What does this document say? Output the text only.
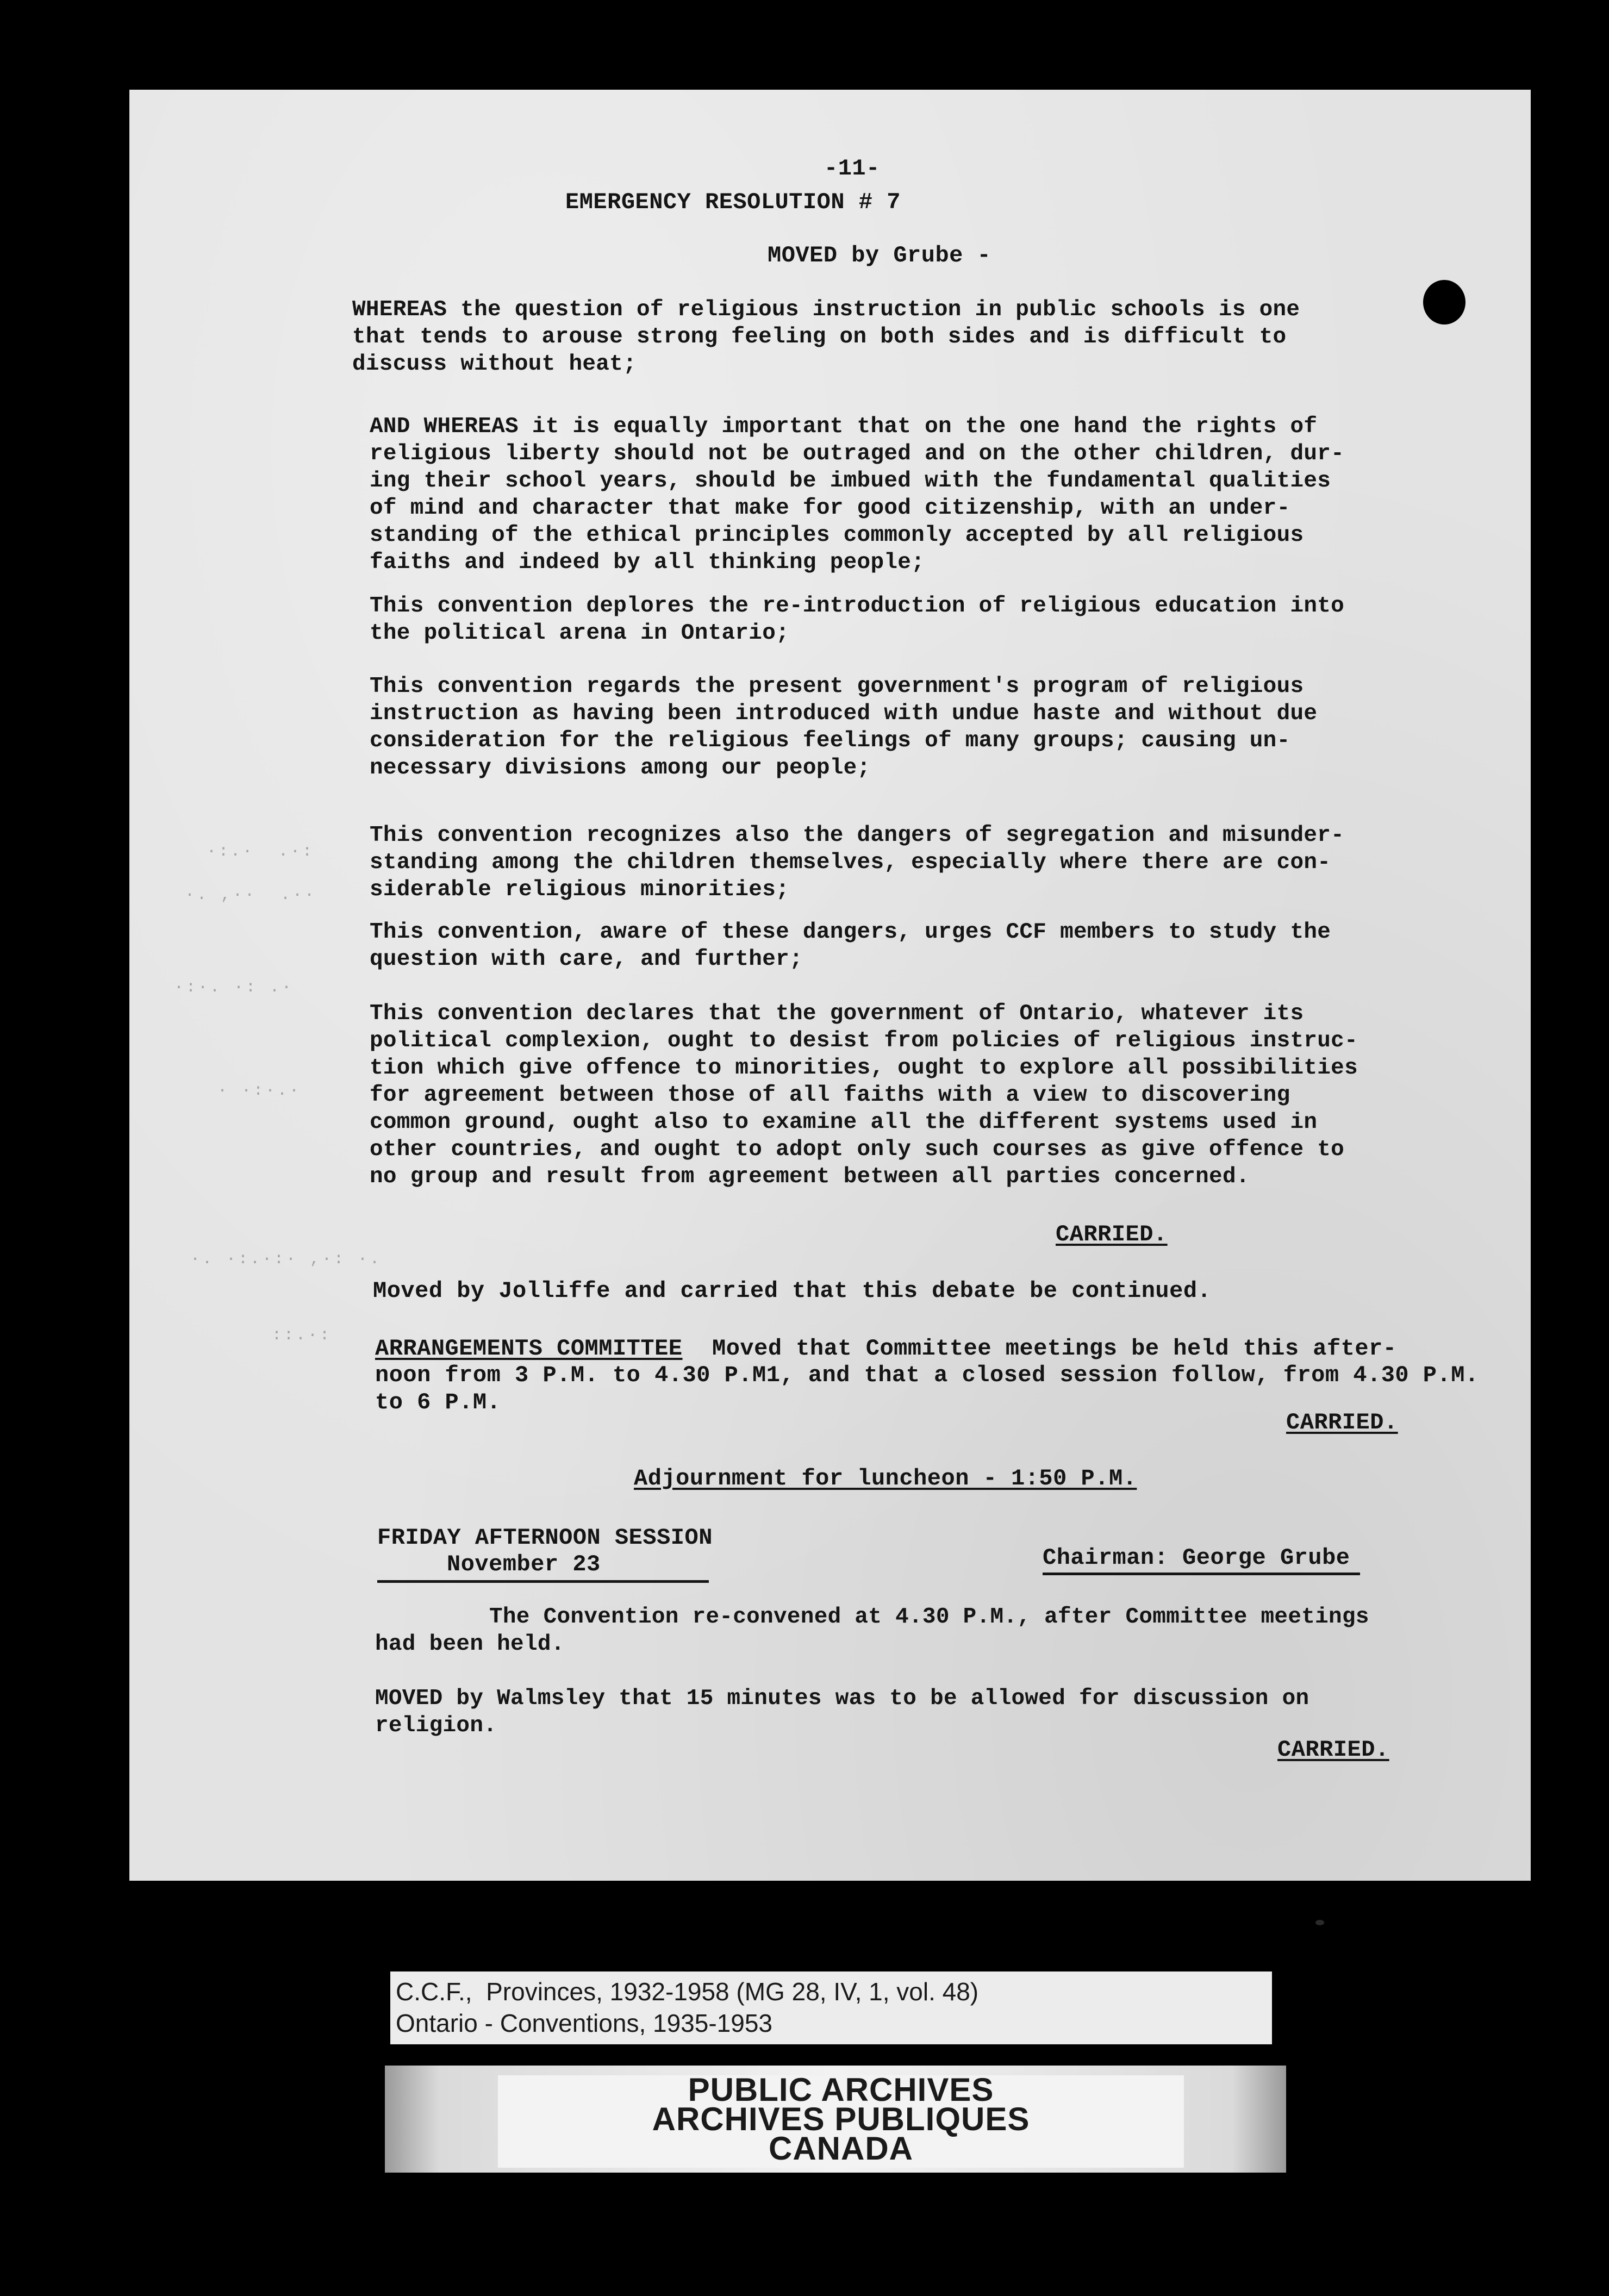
·:.·  .·:
·. ,··  .··
·:·. ·: .·
· ·:·.·
·. ·:.·:· ,·: ·.
::.·:
-11-
EMERGENCY RESOLUTION # 7
MOVED by Grube -
WHEREAS the question of religious instruction in public schools is one
that tends to arouse strong feeling on both sides and is difficult to
discuss without heat;
AND WHEREAS it is equally important that on the one hand the rights of
religious liberty should not be outraged and on the other children, dur-
ing their school years, should be imbued with the fundamental qualities
of mind and character that make for good citizenship, with an under-
standing of the ethical principles commonly accepted by all religious
faiths and indeed by all thinking people;
This convention deplores the re-introduction of religious education into
the political arena in Ontario;
This convention regards the present government's program of religious
instruction as having been introduced with undue haste and without due
consideration for the religious feelings of many groups; causing un-
necessary divisions among our people;
This convention recognizes also the dangers of segregation and misunder-
standing among the children themselves, especially where there are con-
siderable religious minorities;
This convention, aware of these dangers, urges CCF members to study the
question with care, and further;
This convention declares that the government of Ontario, whatever its
political complexion, ought to desist from policies of religious instruc-
tion which give offence to minorities, ought to explore all possibilities
for agreement between those of all faiths with a view to discovering
common ground, ought also to examine all the different systems used in
other countries, and ought to adopt only such courses as give offence to
no group and result from agreement between all parties concerned.
CARRIED.
Moved by Jolliffe and carried that this debate be continued.
ARRANGEMENTS COMMITTEE Moved that Committee meetings be held this after-
noon from 3 P.M. to 4.30 P.M1, and that a closed session follow, from 4.30 P.M.
to 6 P.M.
CARRIED.
Adjournment for luncheon - 1:50 P.M.
FRIDAY AFTERNOON SESSION
November 23	Chairman: George Grube
The Convention re-convened at 4.30 P.M., after Committee meetings
had been held.
MOVED by Walmsley that 15 minutes was to be allowed for discussion on
religion.
CARRIED.
C.C.F.,  Provinces, 1932-1958 (MG 28, IV, 1, vol. 48)
Ontario - Conventions, 1935-1953
PUBLIC ARCHIVES
ARCHIVES PUBLIQUES
CANADA
